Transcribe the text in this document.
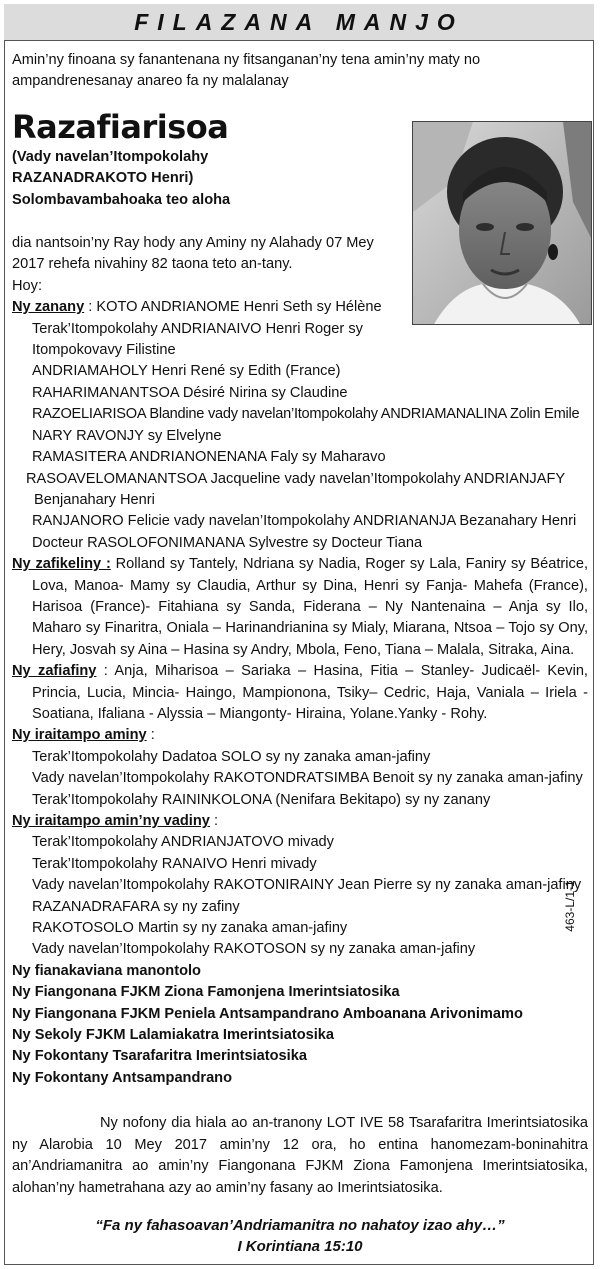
FILAZANA MANJO

Amin’ny finoana sy fanantenana ny fitsanganan’ny tena amin’ny maty no ampandrenesanay anareo fa ny malalanay

Razafiarisoa

(Vady navelan’Itompokolahy

RAZANADRAKOTO Henri)

Solombavambahoaka teo aloha

dia nantsoin’ny Ray hody any Aminy ny Alahady 07 Mey 2017 rehefa nivahiny 82 taona teto an-tany.

Hoy:

Ny zanany : KOTO ANDRIANOME Henri Seth sy Hélène

Terak’Itompokolahy ANDRIANAIVO Henri Roger sy Itompokovavy Filistine

ANDRIAMAHOLY Henri René sy Edith (France)

RAHARIMANANTSOA Désiré Nirina sy Claudine

RAZOELIARISOA Blandine vady navelan’Itompokolahy ANDRIAMANALINA Zolin Emile

NARY RAVONJY sy Elvelyne

RAMASITERA ANDRIANONENANA Faly sy Maharavo

RASOAVELOMANANTSOA Jacqueline vady navelan’Itompokolahy ANDRIANJAFY Benjanahary Henri

RANJANORO Felicie vady navelan’Itompokolahy ANDRIANANJA Bezanahary Henri

Docteur RASOLOFONIMANANA Sylvestre sy Docteur Tiana

Ny zafikeliny : Rolland sy Tantely, Ndriana sy Nadia, Roger sy Lala, Faniry sy Béatrice, Lova, Manoa- Mamy sy Claudia, Arthur sy Dina, Henri sy Fanja- Mahefa (France), Harisoa (France)- Fitahiana sy Sanda, Fiderana – Ny Nantenaina – Anja sy Ilo, Maharo sy Finaritra, Oniala – Harinandrianina sy Mialy, Miarana, Ntsoa – Tojo sy Ony, Hery, Josvah sy Aina – Hasina sy Andry, Mbola, Feno, Tiana – Malala, Sitraka, Aina.

Ny zafiafiny : Anja, Miharisoa – Sariaka – Hasina, Fitia – Stanley- Judicaël- Kevin, Princia, Lucia, Mincia- Haingo, Mampionona, Tsiky– Cedric, Haja, Vaniala – Iriela - Soatiana, Ifaliana - Alyssia – Miangonty- Hiraina, Yolane.Yanky - Rohy.

Ny iraitampo aminy :

Terak’Itompokolahy Dadatoa SOLO sy ny zanaka aman-jafiny

Vady navelan’Itompokolahy RAKOTONDRATSIMBA Benoit sy ny zanaka aman-jafiny

Terak’Itompokolahy RAININKOLONA (Nenifara Bekitapo) sy ny zanany

Ny iraitampo amin’ny vadiny :

Terak’Itompokolahy ANDRIANJATOVO mivady

Terak’Itompokolahy RANAIVO Henri mivady

Vady navelan’Itompokolahy RAKOTONIRAINY Jean Pierre sy ny zanaka aman-jafiny

RAZANADRAFARA sy ny zafiny

RAKOTOSOLO Martin sy ny zanaka aman-jafiny

Vady navelan’Itompokolahy RAKOTOSON sy ny zanaka aman-jafiny

Ny fianakaviana manontolo

Ny Fiangonana FJKM Ziona Famonjena Imerintsiatosika

Ny Fiangonana FJKM Peniela Antsampandrano Amboanana Arivonimamo

Ny Sekoly FJKM Lalamiakatra Imerintsiatosika

Ny Fokontany Tsarafaritra Imerintsiatosika

Ny Fokontany Antsampandrano

Ny nofony dia hiala ao an-tranony LOT IVE 58 Tsarafaritra Imerintsiatosika ny Alarobia 10 Mey 2017 amin’ny 12 ora, ho entina hanomezam-boninahitra an’Andriamanitra ao amin’ny Fiangonana FJKM Ziona Famonjena Imerintsiatosika, alohan’ny hametrahana azy ao amin’ny fasany ao Imerintsiatosika.

“Fa ny fahasoavan’Andriamanitra no nahatoy izao ahy…”

I Korintiana 15:10

463-L/1-1
